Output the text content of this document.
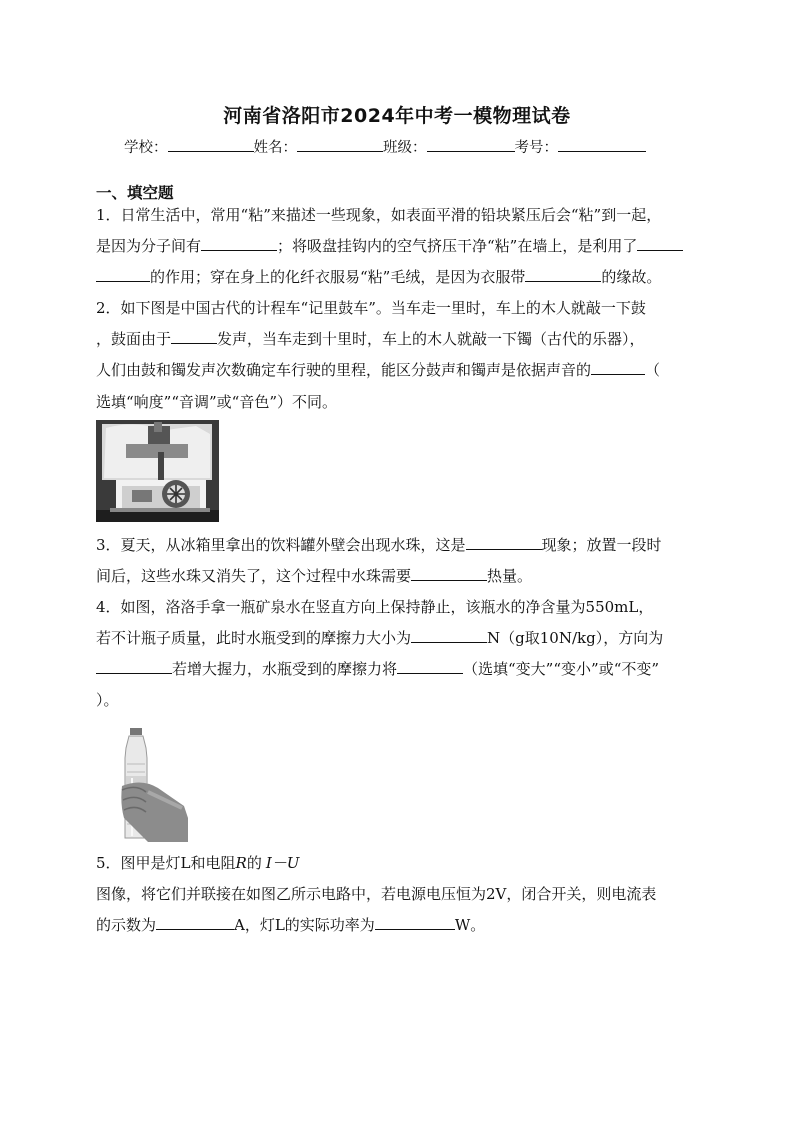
河南省洛阳市2024年中考一模物理试卷
学校：	姓名：	班级：	考号：
一、填空题
1．日常生活中，常用“粘”来描述一些现象，如表面平滑的铅块紧压后会“粘”到一起，
是因为分子间有	；将吸盘挂钩内的空气挤压干净“粘”在墙上，是利用了
的作用；穿在身上的化纤衣服易“粘”毛绒，是因为衣服带	的缘故。
2．如下图是中国古代的计程车“记里鼓车”。当车走一里时，车上的木人就敲一下鼓
，鼓面由于	发声，当车走到十里时，车上的木人就敲一下镯（古代的乐器），
人们由鼓和镯发声次数确定车行驶的里程，能区分鼓声和镯声是依据声音的	（
选填“响度”“音调”或“音色”）不同。
3．夏天，从冰箱里拿出的饮料罐外壁会出现水珠，这是	现象；放置一段时
间后，这些水珠又消失了，这个过程中水珠需要	热量。
4．如图，洛洛手拿一瓶矿泉水在竖直方向上保持静止，该瓶水的净含量为550mL，
若不计瓶子质量，此时水瓶受到的摩擦力大小为	N（g取10N/kg），方向为
若增大握力，水瓶受到的摩擦力将	（选填“变大”“变小”或“不变”
）。
5．图甲是灯L和电阻R的 I－U
图像，将它们并联接在如图乙所示电路中，若电源电压恒为2V，闭合开关，则电流表
的示数为	A，灯L的实际功率为	W。
